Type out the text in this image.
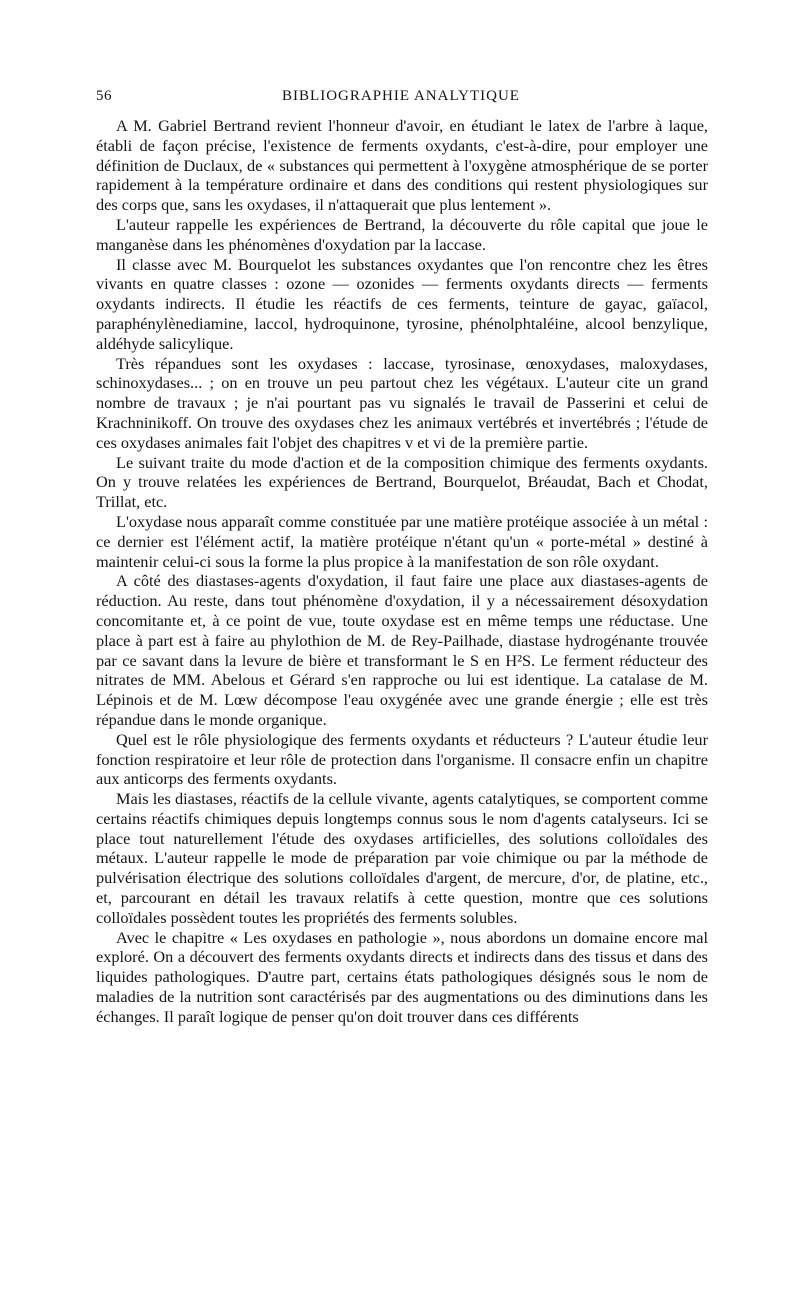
56	BIBLIOGRAPHIE ANALYTIQUE

A M. Gabriel Bertrand revient l'honneur d'avoir, en étudiant le latex de l'arbre à laque, établi de façon précise, l'existence de ferments oxydants, c'est-à-dire, pour employer une définition de Duclaux, de « substances qui permettent à l'oxygène atmosphérique de se porter rapidement à la température ordinaire et dans des conditions qui restent physiologiques sur des corps que, sans les oxydases, il n'attaquerait que plus lentement ».

L'auteur rappelle les expériences de Bertrand, la découverte du rôle capital que joue le manganèse dans les phénomènes d'oxydation par la laccase.

Il classe avec M. Bourquelot les substances oxydantes que l'on rencontre chez les êtres vivants en quatre classes : ozone — ozonides — ferments oxydants directs — ferments oxydants indirects. Il étudie les réactifs de ces ferments, teinture de gayac, gaïacol, paraphénylènediamine, laccol, hydroquinone, tyrosine, phénolphtaléine, alcool benzylique, aldéhyde salicylique.

Très répandues sont les oxydases : laccase, tyrosinase, œnoxydases, maloxydases, schinoxydases... ; on en trouve un peu partout chez les végétaux. L'auteur cite un grand nombre de travaux ; je n'ai pourtant pas vu signalés le travail de Passerini et celui de Krachninikoff. On trouve des oxydases chez les animaux vertébrés et invertébrés ; l'étude de ces oxydases animales fait l'objet des chapitres v et vi de la première partie.

Le suivant traite du mode d'action et de la composition chimique des ferments oxydants. On y trouve relatées les expériences de Bertrand, Bourquelot, Bréaudat, Bach et Chodat, Trillat, etc.

L'oxydase nous apparaît comme constituée par une matière protéique associée à un métal : ce dernier est l'élément actif, la matière protéique n'étant qu'un « porte-métal » destiné à maintenir celui-ci sous la forme la plus propice à la manifestation de son rôle oxydant.

A côté des diastases-agents d'oxydation, il faut faire une place aux diastases-agents de réduction. Au reste, dans tout phénomène d'oxydation, il y a nécessairement désoxydation concomitante et, à ce point de vue, toute oxydase est en même temps une réductase. Une place à part est à faire au phylothion de M. de Rey-Pailhade, diastase hydrogénante trouvée par ce savant dans la levure de bière et transformant le S en H²S. Le ferment réducteur des nitrates de MM. Abelous et Gérard s'en rapproche ou lui est identique. La catalase de M. Lépinois et de M. Lœw décompose l'eau oxygénée avec une grande énergie ; elle est très répandue dans le monde organique.

Quel est le rôle physiologique des ferments oxydants et réducteurs ? L'auteur étudie leur fonction respiratoire et leur rôle de protection dans l'organisme. Il consacre enfin un chapitre aux anticorps des ferments oxydants.

Mais les diastases, réactifs de la cellule vivante, agents catalytiques, se comportent comme certains réactifs chimiques depuis longtemps connus sous le nom d'agents catalyseurs. Ici se place tout naturellement l'étude des oxydases artificielles, des solutions colloïdales des métaux. L'auteur rappelle le mode de préparation par voie chimique ou par la méthode de pulvérisation électrique des solutions colloïdales d'argent, de mercure, d'or, de platine, etc., et, parcourant en détail les travaux relatifs à cette question, montre que ces solutions colloïdales possèdent toutes les propriétés des ferments solubles.

Avec le chapitre « Les oxydases en pathologie », nous abordons un domaine encore mal exploré. On a découvert des ferments oxydants directs et indirects dans des tissus et dans des liquides pathologiques. D'autre part, certains états pathologiques désignés sous le nom de maladies de la nutrition sont caractérisés par des augmentations ou des diminutions dans les échanges. Il paraît logique de penser qu'on doit trouver dans ces différents
